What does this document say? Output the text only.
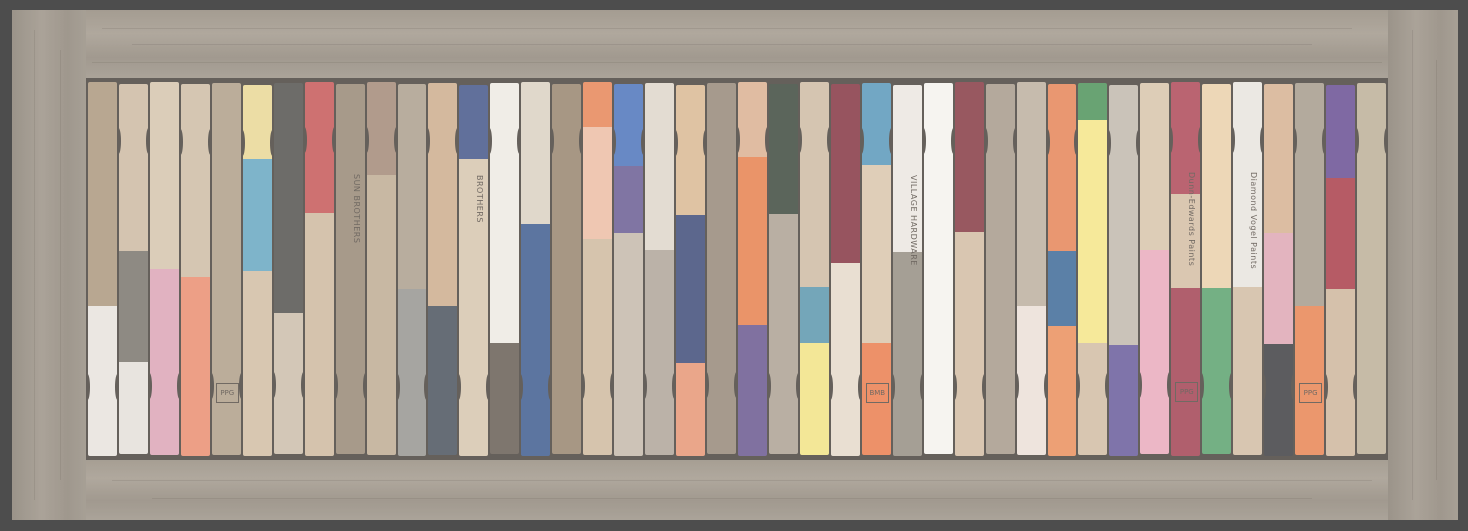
PPG
SUN BROTHERS	BROTHERS
BMB
VILLAGE HARDWARE	Dunn-Edwards Paints
PPG
Diamond Vogel Paints
PPG
